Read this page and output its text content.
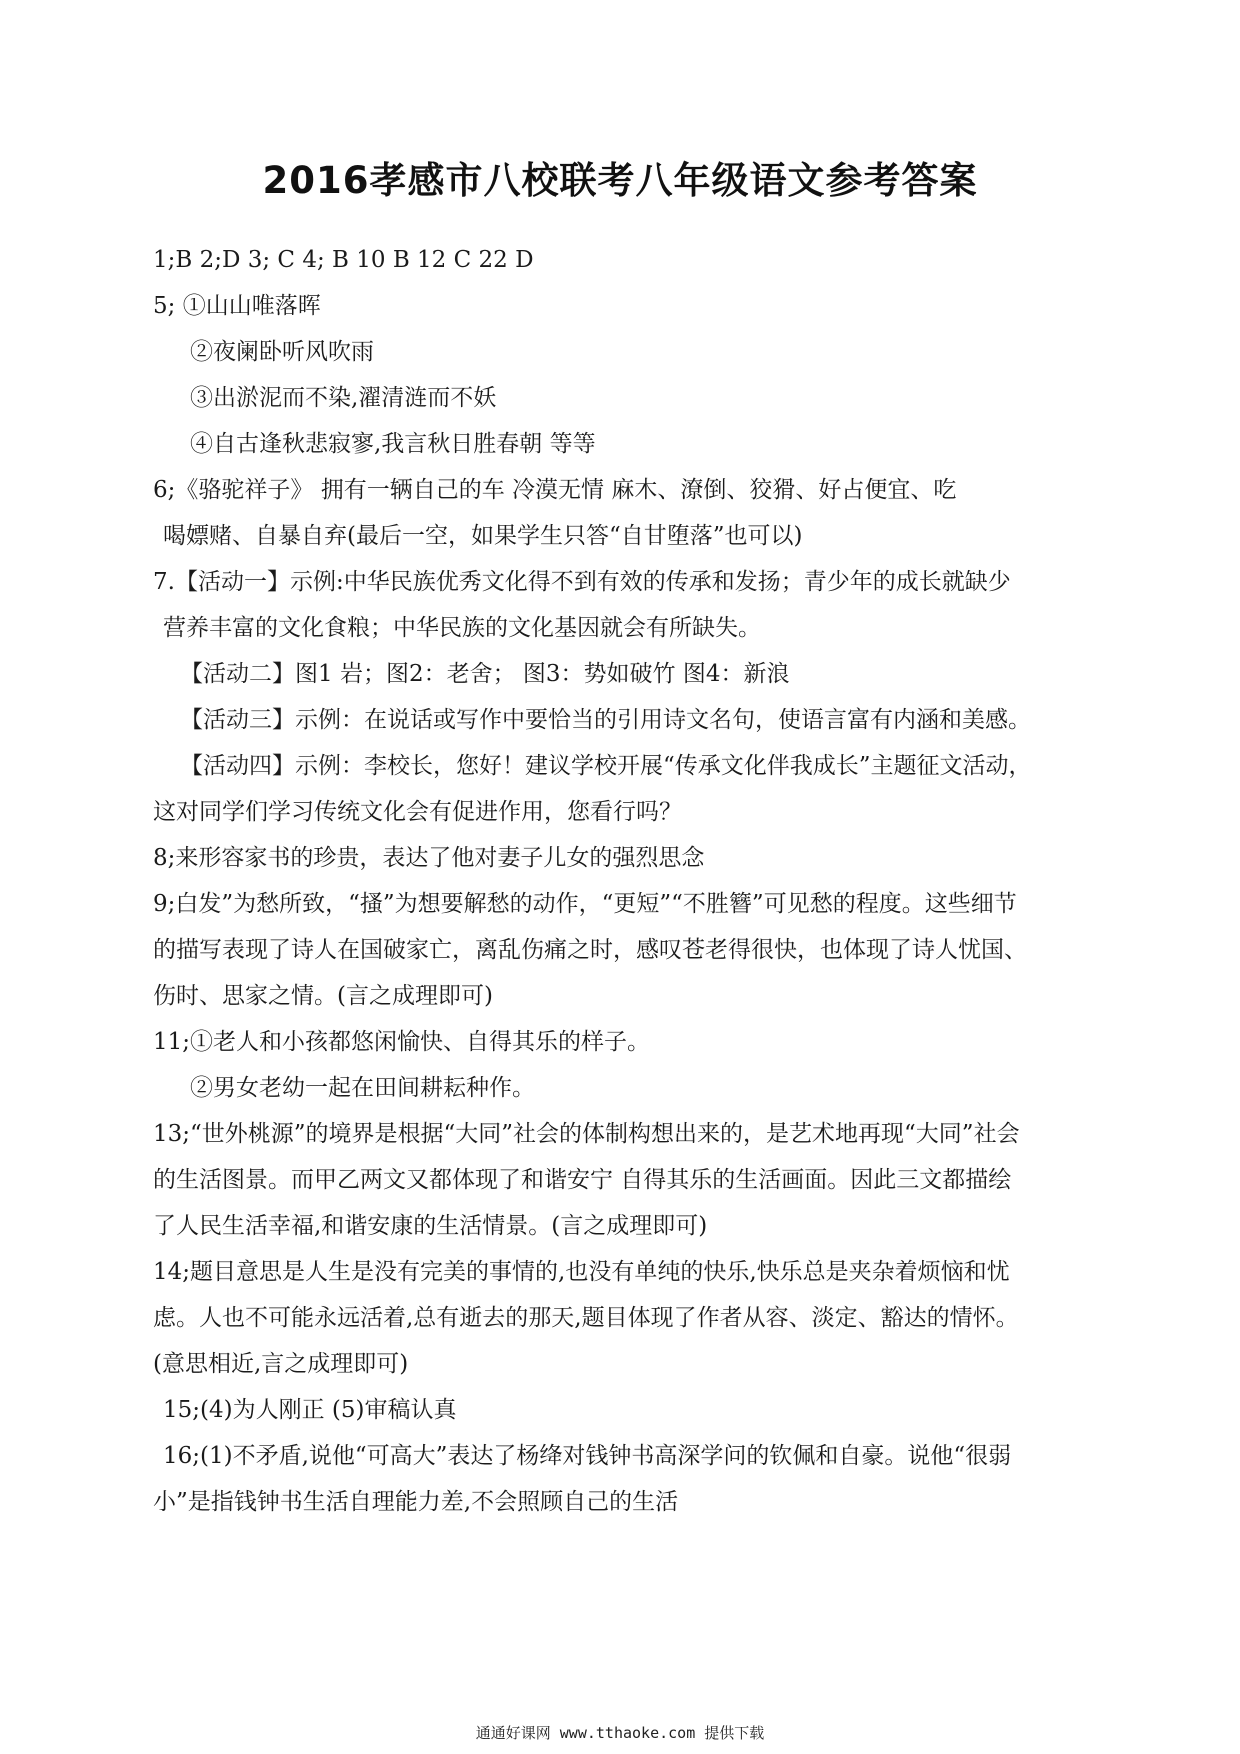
2016孝感市八校联考八年级语文参考答案
1;B 2;D 3; C 4; B 10 B 12 C 22 D
5; ①山山唯落晖
②夜阑卧听风吹雨
③出淤泥而不染,濯清涟而不妖
④自古逢秋悲寂寥,我言秋日胜春朝 等等
6;《骆驼祥子》 拥有一辆自己的车 冷漠无情 麻木、潦倒、狡猾、好占便宜、吃
喝嫖赌、自暴自弃(最后一空，如果学生只答“自甘堕落”也可以)
7.【活动一】示例:中华民族优秀文化得不到有效的传承和发扬；青少年的成长就缺少
营养丰富的文化食粮；中华民族的文化基因就会有所缺失。
【活动二】图1 岩；图2：老舍； 图3：势如破竹 图4：新浪
【活动三】示例：在说话或写作中要恰当的引用诗文名句，使语言富有内涵和美感。
【活动四】示例：李校长，您好！建议学校开展“传承文化伴我成长”主题征文活动，
这对同学们学习传统文化会有促进作用，您看行吗？
8;来形容家书的珍贵，表达了他对妻子儿女的强烈思念
9;白发”为愁所致，“搔”为想要解愁的动作，“更短”“不胜簪”可见愁的程度。这些细节
的描写表现了诗人在国破家亡，离乱伤痛之时，感叹苍老得很快，也体现了诗人忧国、
伤时、思家之情。(言之成理即可)
11;①老人和小孩都悠闲愉快、自得其乐的样子。
②男女老幼一起在田间耕耘种作。
13;“世外桃源”的境界是根据“大同”社会的体制构想出来的，是艺术地再现“大同”社会
的生活图景。而甲乙两文又都体现了和谐安宁 自得其乐的生活画面。因此三文都描绘
了人民生活幸福,和谐安康的生活情景。(言之成理即可)
14;题目意思是人生是没有完美的事情的,也没有单纯的快乐,快乐总是夹杂着烦恼和忧
虑。人也不可能永远活着,总有逝去的那天,题目体现了作者从容、淡定、豁达的情怀。
(意思相近,言之成理即可)
15;(4)为人刚正 (5)审稿认真
16;(1)不矛盾,说他“可高大”表达了杨绛对钱钟书高深学问的钦佩和自豪。说他“很弱
小”是指钱钟书生活自理能力差,不会照顾自己的生活
通通好课网 www.tthaoke.com 提供下载
